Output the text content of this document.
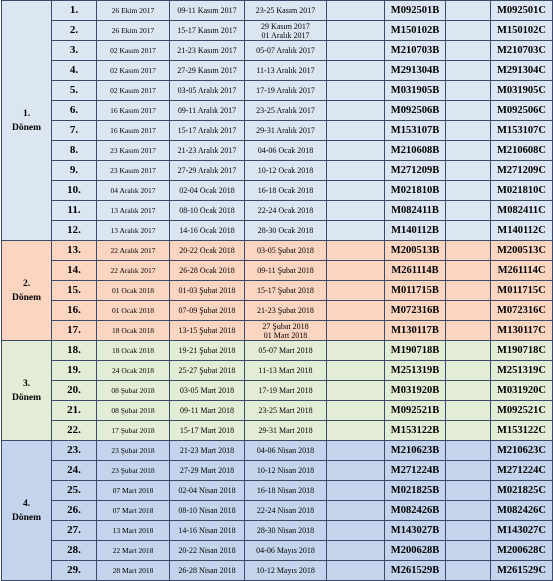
1.
Dönem	1.	26 Ekim 2017	09-11 Kasım 2017	23-25 Kasım 2017		M092501B		M092501C
	2.	26 Ekim 2017	15-17 Kasım 2017	29 Kasım 2017
01 Aralık 2017		M150102B		M150102C
	3.	02 Kasım 2017	21-23 Kasım 2017	05-07 Aralık 2017		M210703B		M210703C
	4.	02 Kasım 2017	27-29 Kasım 2017	11-13 Aralık 2017		M291304B		M291304C
	5.	02 Kasım 2017	03-05 Aralık 2017	17-19 Aralık 2017		M031905B		M031905C
	6.	16 Kasım 2017	09-11 Aralık 2017	23-25 Aralık 2017		M092506B		M092506C
	7.	16 Kasım 2017	15-17 Aralık 2017	29-31 Aralık 2017		M153107B		M153107C
	8.	23 Kasım 2017	21-23 Aralık 2017	04-06 Ocak 2018		M210608B		M210608C
	9.	23 Kasım 2017	27-29 Aralık 2017	10-12 Ocak 2018		M271209B		M271209C
	10.	04 Aralık 2017	02-04 Ocak 2018	16-18 Ocak 2018		M021810B		M021810C
	11.	13 Aralık 2017	08-10 Ocak 2018	22-24 Ocak 2018		M082411B		M082411C
	12.	13 Aralık 2017	14-16 Ocak 2018	28-30 Ocak 2018		M140112B		M140112C

2.
Dönem	13.	22 Aralık 2017	20-22 Ocak 2018	03-05 Şubat 2018		M200513B		M200513C
	14.	22 Aralık 2017	26-28 Ocak 2018	09-11 Şubat 2018		M261114B		M261114C
	15.	01 Ocak 2018	01-03 Şubat 2018	15-17 Şubat 2018		M011715B		M011715C
	16.	01 Ocak 2018	07-09 Şubat 2018	21-23 Şubat 2018		M072316B		M072316C
	17.	18 Ocak 2018	13-15 Şubat 2018	27 Şubat 2018
01 Mart 2018		M130117B		M130117C

3.
Dönem	18.	18 Ocak 2018	19-21 Şubat 2018	05-07 Mart 2018		M190718B		M190718C
	19.	24 Ocak 2018	25-27 Şubat 2018	11-13 Mart 2018		M251319B		M251319C
	20.	08 Şubat 2018	03-05 Mart 2018	17-19 Mart 2018		M031920B		M031920C
	21.	08 Şubat 2018	09-11 Mart 2018	23-25 Mart 2018		M092521B		M092521C
	22.	17 Şubat 2018	15-17 Mart 2018	29-31 Mart 2018		M153122B		M153122C

4.
Dönem	23.	23 Şubat 2018	21-23 Mart 2018	04-06 Nisan 2018		M210623B		M210623C
	24.	23 Şubat 2018	27-29 Mart 2018	10-12 Nisan 2018		M271224B		M271224C
	25.	07 Mart 2018	02-04 Nisan 2018	16-18 Nisan 2018		M021825B		M021825C
	26.	07 Mart 2018	08-10 Nisan 2018	22-24 Nisan 2018		M082426B		M082426C
	27.	13 Mart 2018	14-16 Nisan 2018	28-30 Nisan 2018		M143027B		M143027C
	28.	22 Mart 2018	20-22 Nisan 2018	04-06 Mayıs 2018		M200628B		M200628C
	29.	28 Mart 2018	26-28 Nisan 2018	10-12 Mayıs 2018		M261529B		M261529C
